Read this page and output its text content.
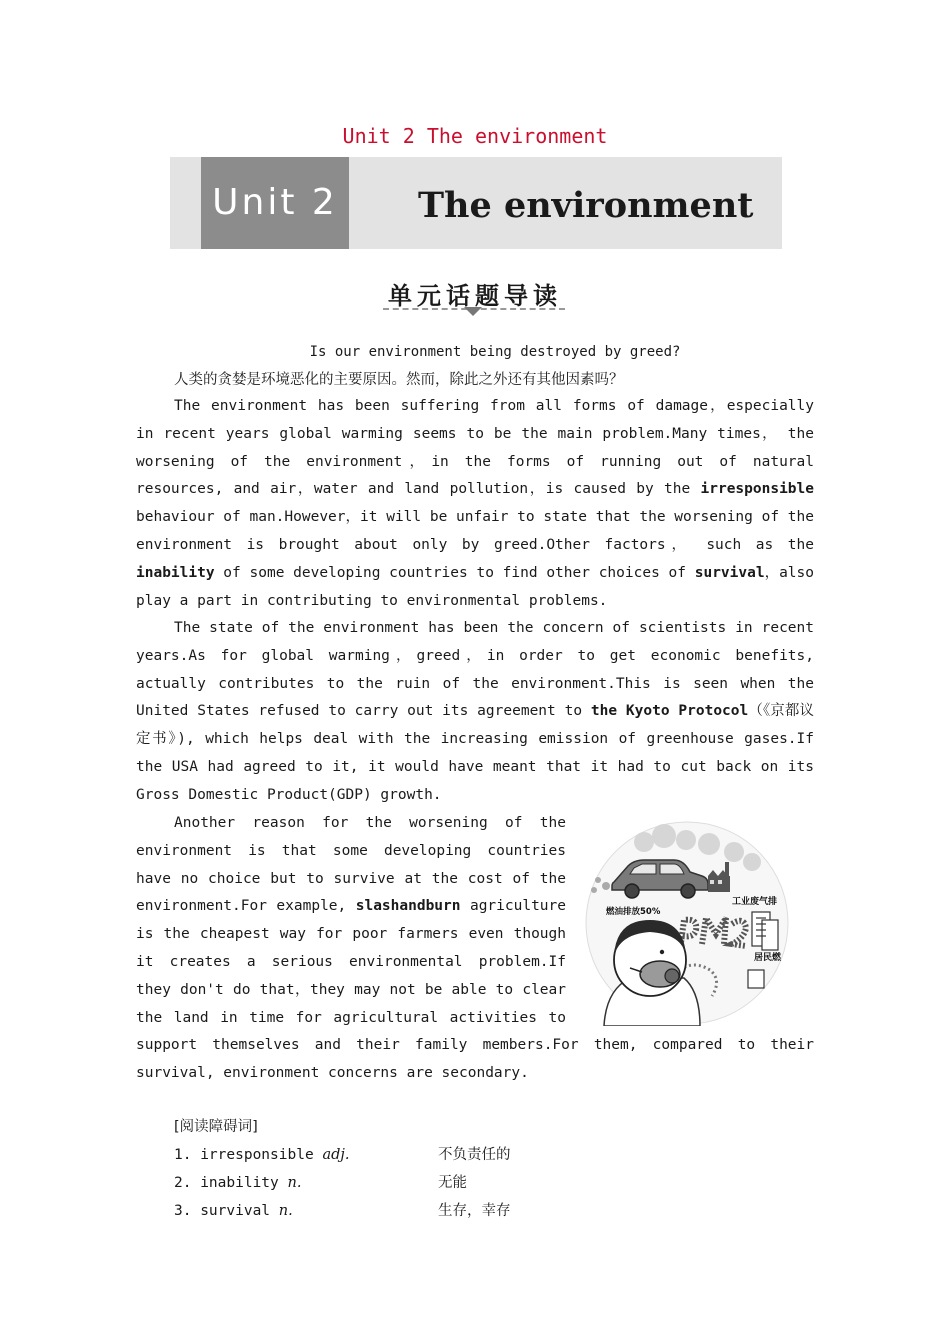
Unit 2 The environment
Unit 2	The environment
单元话题导读
Is our environment being destroyed by greed?
人类的贪婪是环境恶化的主要原因。然而，除此之外还有其他因素吗？

The environment has been suffering from all forms of damage，especially in recent years global warming seems to be the main problem.Many times， the worsening of the environment，in the forms of running out of natural resources, and air，water and land pollution，is caused by the irresponsible behaviour of man.However，it will be unfair to state that the worsening of the environment is brought about only by greed.Other factors， such as the inability of some developing countries to find other choices of survival，also play a part in contributing to environmental problems.

The state of the environment has been the concern of scientists in recent years.As for global warming，greed，in order to get economic benefits, actually contributes to the ruin of the environment.This is seen when the United States refused to carry out its agreement to the Kyoto Protocol（《京都议定书》), which helps deal with the increasing emission of greenhouse gases.If the USA had agreed to it, it would have meant that it had to cut back on its Gross Domestic Product(GDP) growth.

Another reason for the worsening of the environment is that some developing countries have no choice but to survive at the cost of the environment.For example, slashandburn agriculture is the cheapest way for poor farmers even though it creates a serious environmental problem.If they don't do that，they may not be able to clear the land in time for agricultural activities to support themselves and their family members.For them, compared to their survival, environment concerns are secondary.

工业废气排
燃油排放50%
居民燃
[阅读障碍词]
1. irresponsible adj.	不负责任的
2. inability n.	无能
3. survival n.	生存，幸存
